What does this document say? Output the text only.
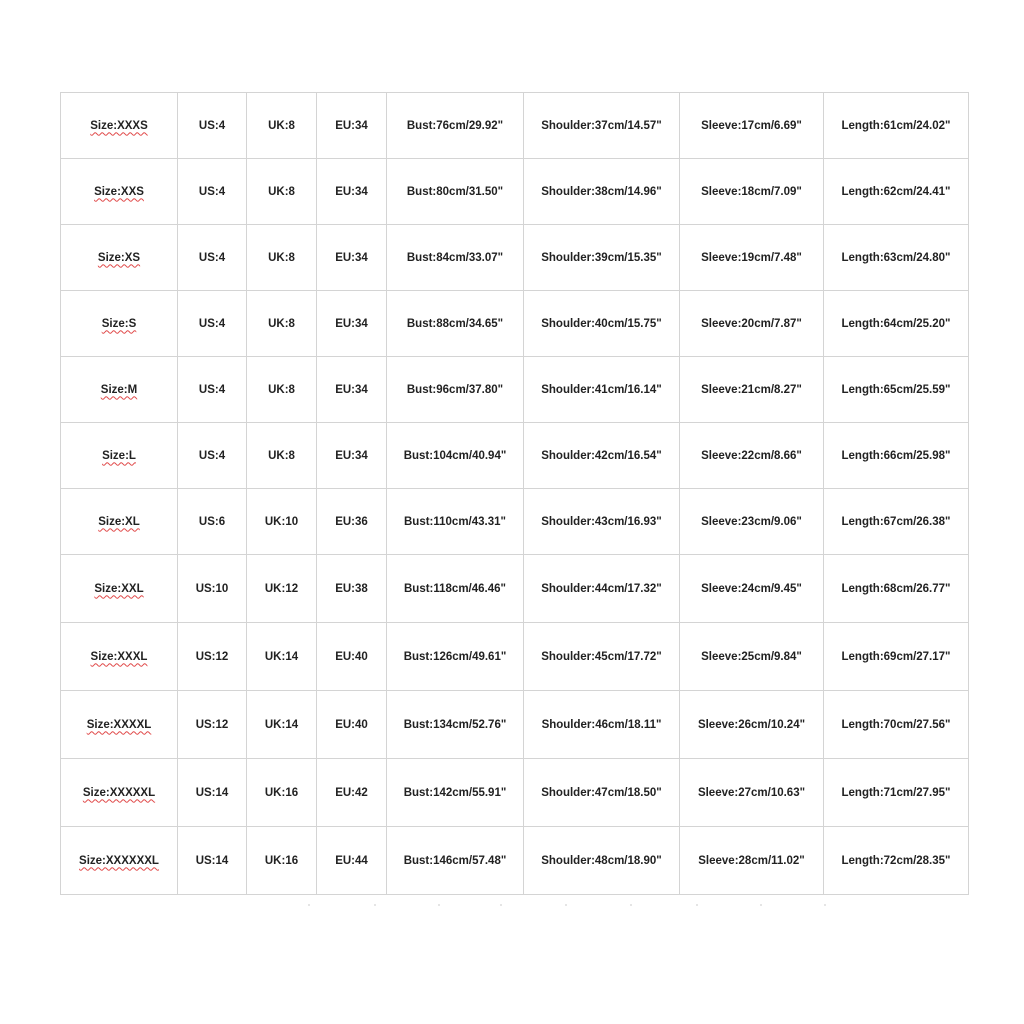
Size:XXXS	US:4	UK:8	EU:34	Bust:76cm/29.92"	Shoulder:37cm/14.57"	Sleeve:17cm/6.69"	Length:61cm/24.02"
Size:XXS	US:4	UK:8	EU:34	Bust:80cm/31.50"	Shoulder:38cm/14.96"	Sleeve:18cm/7.09"	Length:62cm/24.41"
Size:XS	US:4	UK:8	EU:34	Bust:84cm/33.07"	Shoulder:39cm/15.35"	Sleeve:19cm/7.48"	Length:63cm/24.80"
Size:S	US:4	UK:8	EU:34	Bust:88cm/34.65"	Shoulder:40cm/15.75"	Sleeve:20cm/7.87"	Length:64cm/25.20"
Size:M	US:4	UK:8	EU:34	Bust:96cm/37.80"	Shoulder:41cm/16.14"	Sleeve:21cm/8.27"	Length:65cm/25.59"
Size:L	US:4	UK:8	EU:34	Bust:104cm/40.94"	Shoulder:42cm/16.54"	Sleeve:22cm/8.66"	Length:66cm/25.98"
Size:XL	US:6	UK:10	EU:36	Bust:110cm/43.31"	Shoulder:43cm/16.93"	Sleeve:23cm/9.06"	Length:67cm/26.38"
Size:XXL	US:10	UK:12	EU:38	Bust:118cm/46.46"	Shoulder:44cm/17.32"	Sleeve:24cm/9.45"	Length:68cm/26.77"
Size:XXXL	US:12	UK:14	EU:40	Bust:126cm/49.61"	Shoulder:45cm/17.72"	Sleeve:25cm/9.84"	Length:69cm/27.17"
Size:XXXXL	US:12	UK:14	EU:40	Bust:134cm/52.76"	Shoulder:46cm/18.11"	Sleeve:26cm/10.24"	Length:70cm/27.56"
Size:XXXXXL	US:14	UK:16	EU:42	Bust:142cm/55.91"	Shoulder:47cm/18.50"	Sleeve:27cm/10.63"	Length:71cm/27.95"
Size:XXXXXXL	US:14	UK:16	EU:44	Bust:146cm/57.48"	Shoulder:48cm/18.90"	Sleeve:28cm/11.02"	Length:72cm/28.35"
